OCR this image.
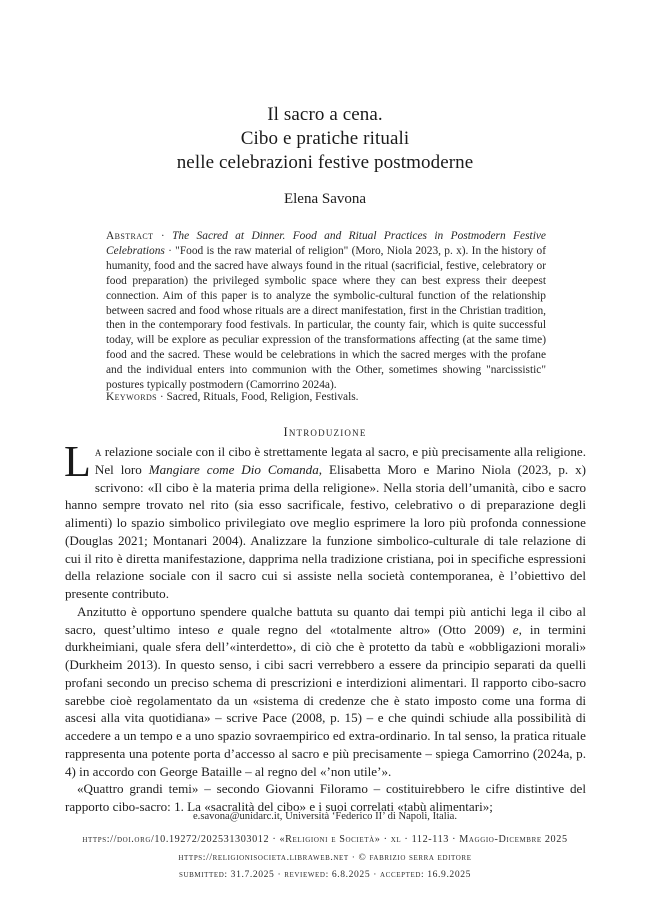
Il sacro a cena.
Cibo e pratiche rituali
nelle celebrazioni festive postmoderne
Elena Savona
Abstract · The Sacred at Dinner. Food and Ritual Practices in Postmodern Festive Celebrations · "Food is the raw material of religion" (Moro, Niola 2023, p. x). In the history of humanity, food and the sacred have always found in the ritual (sacrificial, festive, celebratory or food preparation) the privileged symbolic space where they can best express their deepest connection. Aim of this paper is to analyze the symbolic-cultural function of the relationship between sacred and food whose rituals are a direct manifestation, first in the Christian tradition, then in the contemporary food festivals. In particular, the county fair, which is quite successful today, will be explore as peculiar expression of the transformations affecting (at the same time) food and the sacred. These would be celebrations in which the sacred merges with the profane and the individual enters into communion with the Other, sometimes showing "narcissistic" postures typically postmodern (Camorrino 2024a).
Keywords · Sacred, Rituals, Food, Religion, Festivals.
Introduzione

La relazione sociale con il cibo è strettamente legata al sacro, e più precisamente alla religione. Nel loro Mangiare come Dio Comanda, Elisabetta Moro e Marino Niola (2023, p. x) scrivono: «Il cibo è la materia prima della religione». Nella storia dell’umanità, cibo e sacro hanno sempre trovato nel rito (sia esso sacrificale, festivo, celebrativo o di preparazione degli alimenti) lo spazio simbolico privilegiato ove meglio esprimere la loro più profonda connessione (Douglas 2021; Montanari 2004). Analizzare la funzione simbolico-culturale di tale relazione di cui il rito è diretta manifestazione, dapprima nella tradizione cristiana, poi in specifiche espressioni della relazione sociale con il sacro cui si assiste nella società contemporanea, è l’obiettivo del presente contributo.

Anzitutto è opportuno spendere qualche battuta su quanto dai tempi più antichi lega il cibo al sacro, quest’ultimo inteso e quale regno del «totalmente altro» (Otto 2009) e, in termini durkheimiani, quale sfera dell’«interdetto», di ciò che è protetto da tabù e «obbligazioni morali» (Durkheim 2013). In questo senso, i cibi sacri verrebbero a essere da principio separati da quelli profani secondo un preciso schema di prescrizioni e interdizioni alimentari. Il rapporto cibo-sacro sarebbe cioè regolamentato da un «sistema di credenze che è stato imposto come una forma di ascesi alla vita quotidiana» – scrive Pace (2008, p. 15) – e che quindi schiude alla possibilità di accedere a un tempo e a uno spazio sovraempirico ed extra-ordinario. In tal senso, la pratica rituale rappresenta una potente porta d’accesso al sacro e più precisamente – spiega Camorrino (2024a, p. 4) in accordo con George Bataille – al regno del «’non utile’».

«Quattro grandi temi» – secondo Giovanni Filoramo – costituirebbero le cifre distintive del rapporto cibo-sacro: 1. La «sacralità del cibo» e i suoi correlati «tabù alimentari»;

e.savona@unidarc.it, Università ‘Federico II’ di Napoli, Italia.
https://doi.org/10.19272/202531303012 · «Religioni e Società» · xl · 112-113 · Maggio-Dicembre 2025
https://religionisocieta.libraweb.net · © fabrizio serra editore
submitted: 31.7.2025 · reviewed: 6.8.2025 · accepted: 16.9.2025
